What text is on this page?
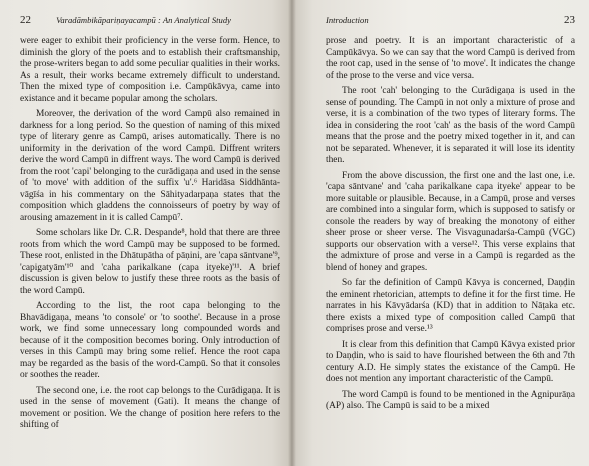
22	Varadāmbikāpariṇayacampū : An Analytical Study

were eager to exhibit their proficiency in the verse form. Hence, to diminish the glory of the poets and to establish their craftsmanship, the prose-writers began to add some peculiar qualities in their works. As a result, their works became extremely difficult to understand. Then the mixed type of composition i.e. Campūkāvya, came into existance and it became popular among the scholars.

Moreover, the derivation of the word Campū also remained in darkness for a long period. So the question of naming of this mixed type of literary genre as Campū, arises automatically. There is no uniformity in the derivation of the word Campū. Diffrent writers derive the word Campū in diffrent ways. The word Campū is derived from the root 'capi' belonging to the curādigaṇa and used in the sense of 'to move' with addition of the suffix 'u'.⁶ Haridāsa Siddhānta-vāgīśa in his commentary on the Sāhityadarpaṇa states that the composition which gladdens the connoisseurs of poetry by way of arousing amazement in it is called Campū⁷.

Some scholars like Dr. C.R. Despande⁸, hold that there are three roots from which the word Campū may be supposed to be formed. These root, enlisted in the Dhātupātha of pāṇini, are 'capa sāntvane'⁹, 'capigatyām'¹⁰ and 'caha parikalkane (capa ityeke)'¹¹. A brief discussion is given below to justify these three roots as the basis of the word Campū.

According to the list, the root capa belonging to the Bhavādigaṇa, means 'to console' or 'to soothe'. Because in a prose work, we find some unnecessary long compounded words and because of it the composition becomes boring. Only introduction of verses in this Campū may bring some relief. Hence the root capa may be regarded as the basis of the word-Campū. So that it consoles or soothes the reader.

The second one, i.e. the root cap belongs to the Curādigaṇa. It is used in the sense of movement (Gati). It means the change of movement or position. We the change of position here refers to the shifting of

Introduction	23

prose and poetry. It is an important characteristic of a Campūkāvya. So we can say that the word Campū is derived from the root cap, used in the sense of 'to move'. It indicates the change of the prose to the verse and vice versa.

The root 'cah' belonging to the Curādigaṇa is used in the sense of pounding. The Campū in not only a mixture of prose and verse, it is a combination of the two types of literary forms. The idea in considering the root 'cah' as the basis of the word Campū means that the prose and the poetry mixed together in it, and can not be separated. Whenever, it is separated it will lose its identity then.

From the above discussion, the first one and the last one, i.e. 'capa sāntvane' and 'caha parikalkane capa ityeke' appear to be more suitable or plausible. Because, in a Campū, prose and verses are combined into a singular form, which is supposed to satisfy or console the readers by way of breaking the monotony of either sheer prose or sheer verse. The Visvagunadarśa-Campū (VGC) supports our observation with a verse¹². This verse explains that the admixture of prose and verse in a Campū is regarded as the blend of honey and grapes.

So far the definition of Campū Kāvya is concerned, Daṇḍin the eminent rhetorician, attempts to define it for the first time. He narrates in his Kāvyādarśa (KD) that in addition to Nāṭaka etc. there exists a mixed type of composition called Campū that comprises prose and verse.¹³

It is clear from this definition that Campū Kāvya existed prior to Daṇḍin, who is said to have flourished between the 6th and 7th century A.D. He simply states the existance of the Campū. He does not mention any important characteristic of the Campū.

The word Campū is found to be mentioned in the Agnipurāṇa (AP) also. The Campū is said to be a mixed
